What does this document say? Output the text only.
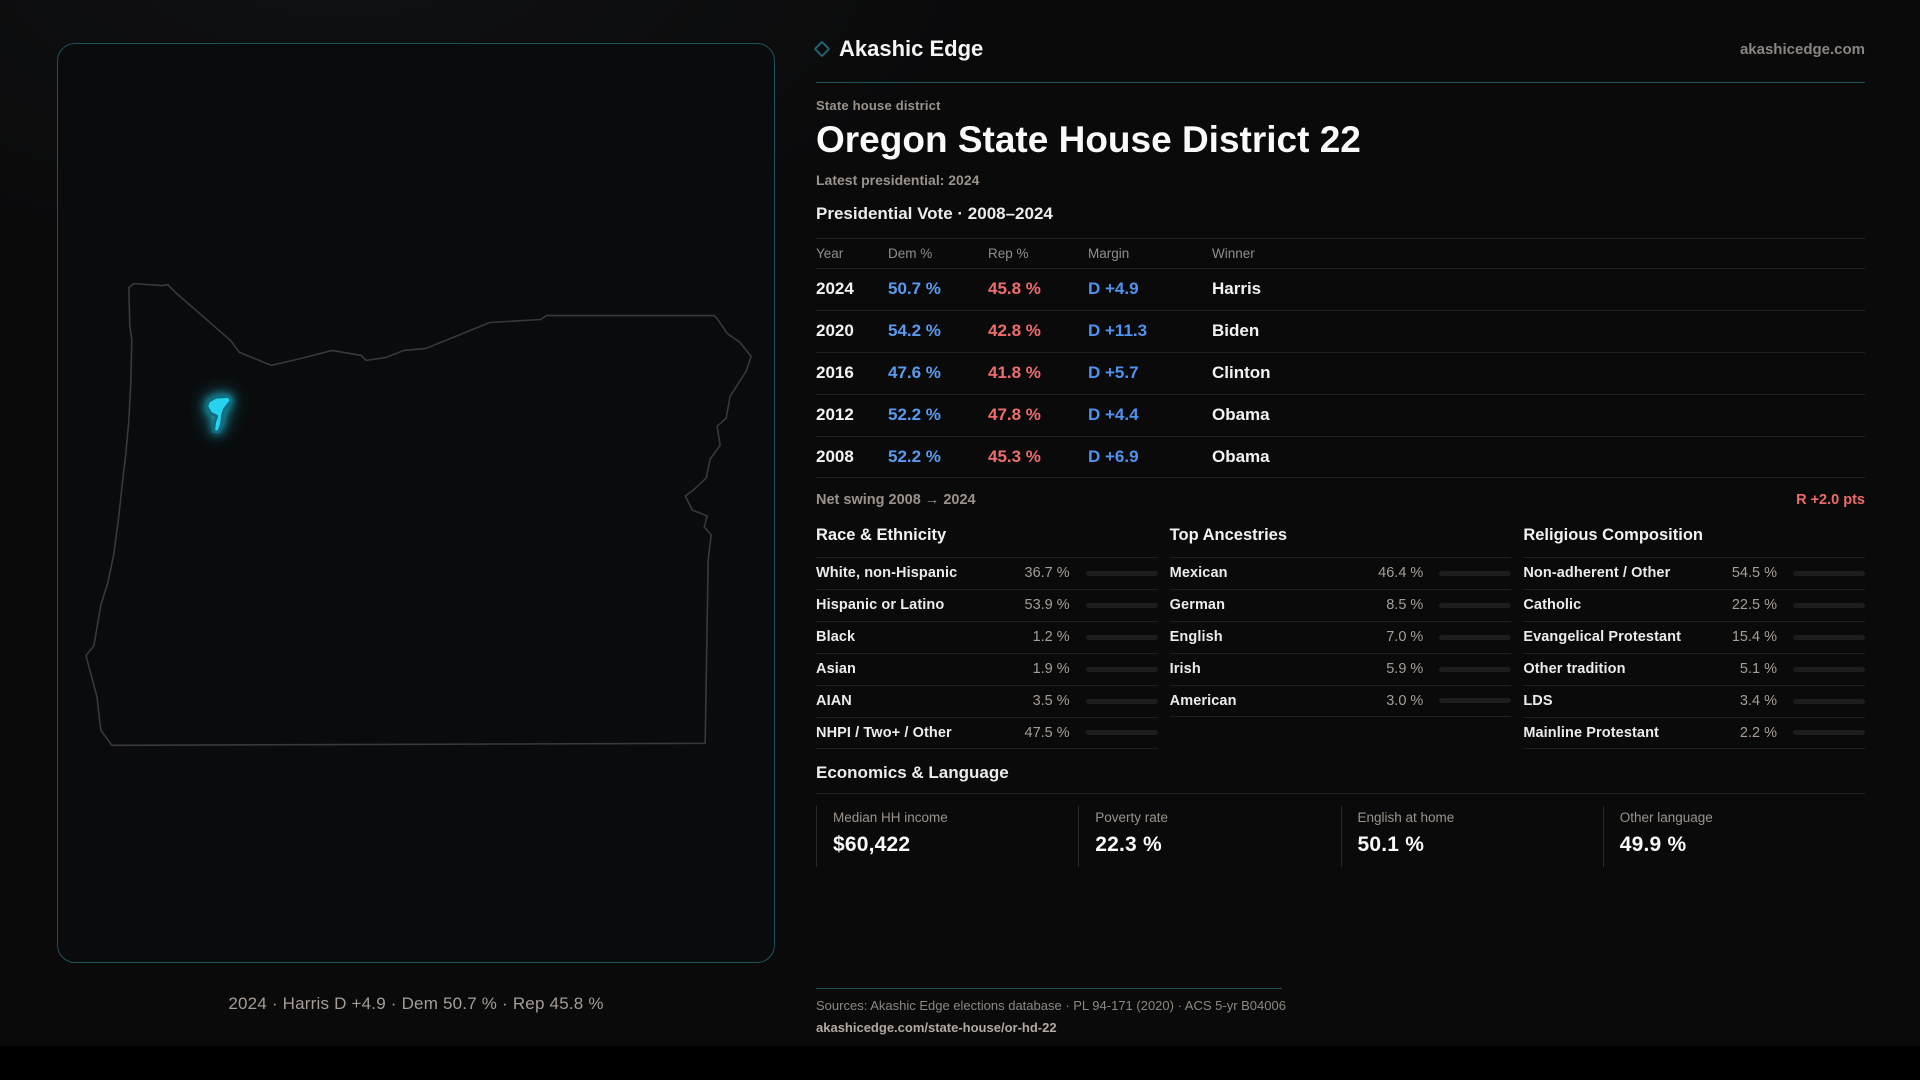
2024 · Harris D +4.9 · Dem 50.7 % · Rep 45.8 %
Akashic Edge	akashicedge.com
State house district
Oregon State House District 22
Latest presidential: 2024
Presidential Vote · 2008–2024
Year	Dem %	Rep %	Margin	Winner
2024	50.7 %	45.8 %	D +4.9	Harris
2020	54.2 %	42.8 %	D +11.3	Biden
2016	47.6 %	41.8 %	D +5.7	Clinton
2012	52.2 %	47.8 %	D +4.4	Obama
2008	52.2 %	45.3 %	D +6.9	Obama
Net swing 2008 → 2024	R +2.0 pts
Race & Ethnicity
White, non-Hispanic	36.7 %
Hispanic or Latino	53.9 %
Black	1.2 %
Asian	1.9 %
AIAN	3.5 %
NHPI / Two+ / Other	47.5 %
Top Ancestries
Mexican	46.4 %
German	8.5 %
English	7.0 %
Irish	5.9 %
American	3.0 %
Religious Composition
Non-adherent / Other	54.5 %
Catholic	22.5 %
Evangelical Protestant	15.4 %
Other tradition	5.1 %
LDS	3.4 %
Mainline Protestant	2.2 %
Economics & Language
Median HH income
$60,422
Poverty rate
22.3 %
English at home
50.1 %
Other language
49.9 %
Sources: Akashic Edge elections database · PL 94-171 (2020) · ACS 5-yr B04006
akashicedge.com/state-house/or-hd-22
